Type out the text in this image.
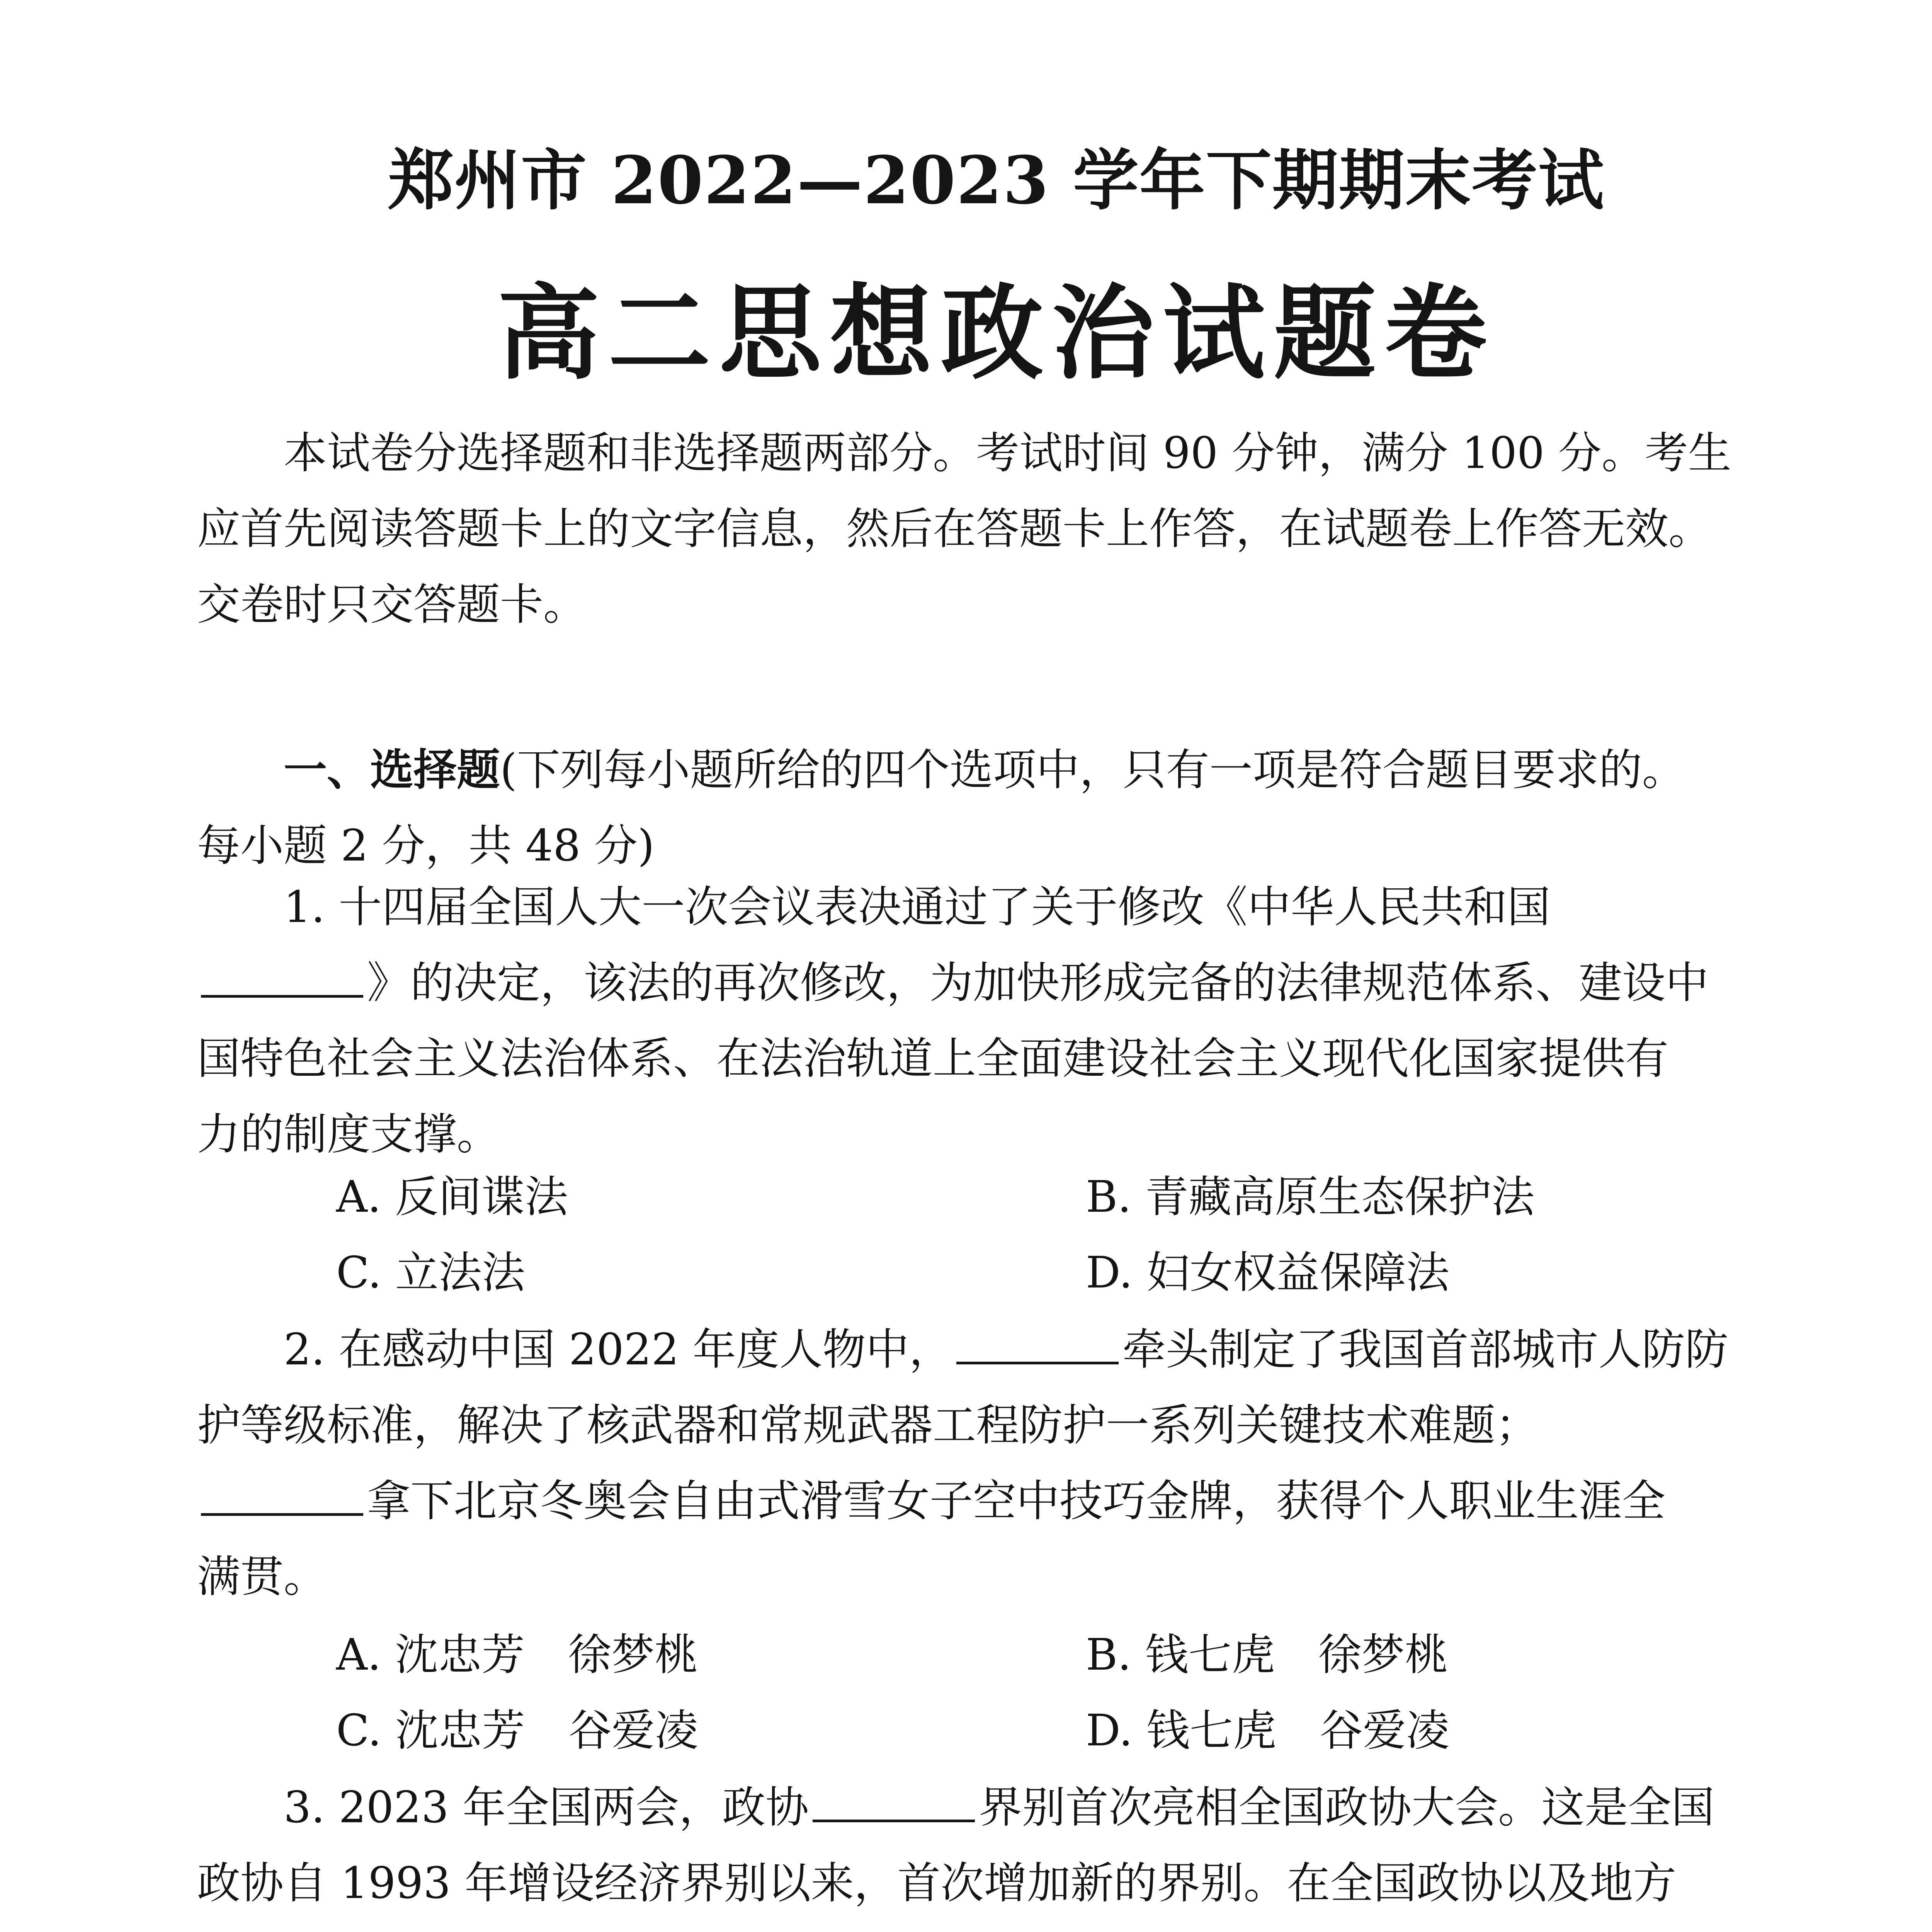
郑州市 2022—2023 学年下期期末考试
高二思想政治试题卷
本试卷分选择题和非选择题两部分。考试时间 90 分钟，满分 100 分。考生
应首先阅读答题卡上的文字信息，然后在答题卡上作答，在试题卷上作答无效。
交卷时只交答题卡。
一、选择题(下列每小题所给的四个选项中，只有一项是符合题目要求的。
每小题 2 分，共 48 分)
1. 十四届全国人大一次会议表决通过了关于修改《中华人民共和国
》的决定，该法的再次修改，为加快形成完备的法律规范体系、建设中
国特色社会主义法治体系、在法治轨道上全面建设社会主义现代化国家提供有
力的制度支撑。
A. 反间谍法	B. 青藏高原生态保护法
C. 立法法	D. 妇女权益保障法
2. 在感动中国 2022 年度人物中，	牵头制定了我国首部城市人防防
护等级标准，解决了核武器和常规武器工程防护一系列关键技术难题；
拿下北京冬奥会自由式滑雪女子空中技巧金牌，获得个人职业生涯全
满贯。
A. 沈忠芳　徐梦桃	B. 钱七虎　徐梦桃
C. 沈忠芳　谷爱凌	D. 钱七虎　谷爱凌
3. 2023 年全国两会，政协	界别首次亮相全国政协大会。这是全国
政协自 1993 年增设经济界别以来，首次增加新的界别。在全国政协以及地方
